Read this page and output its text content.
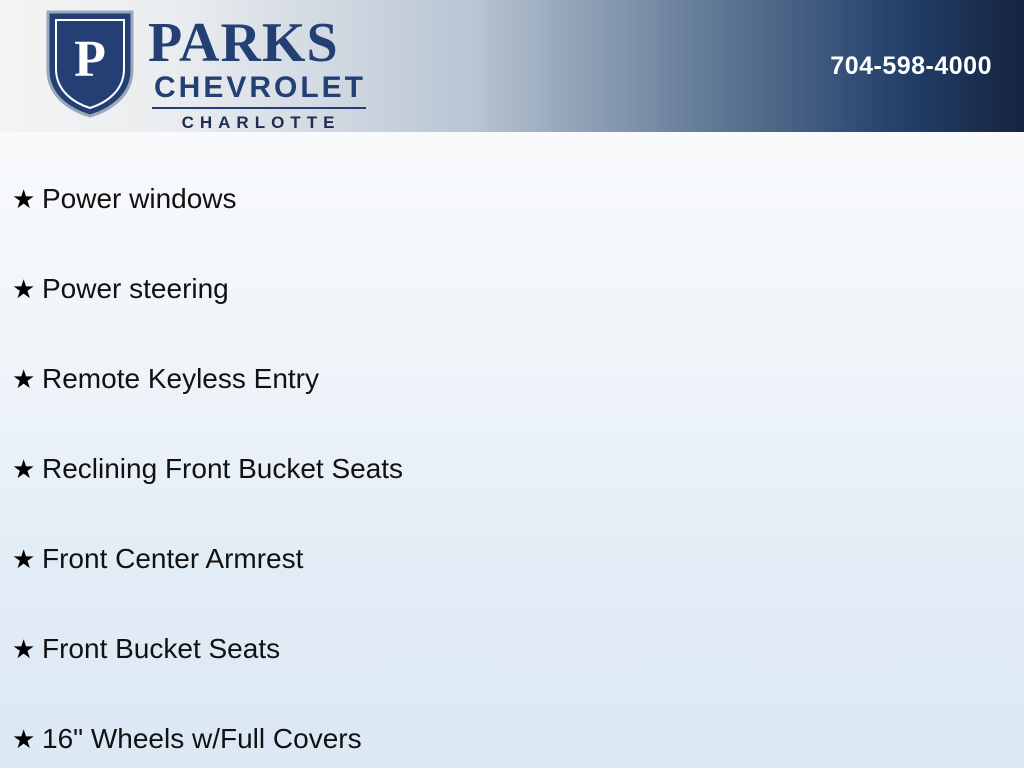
P PARKS
CHEVROLET
CHARLOTTE
704-598-4000
★ Power windows
★ Power steering
★ Remote Keyless Entry
★ Reclining Front Bucket Seats
★ Front Center Armrest
★ Front Bucket Seats
★ 16" Wheels w/Full Covers
